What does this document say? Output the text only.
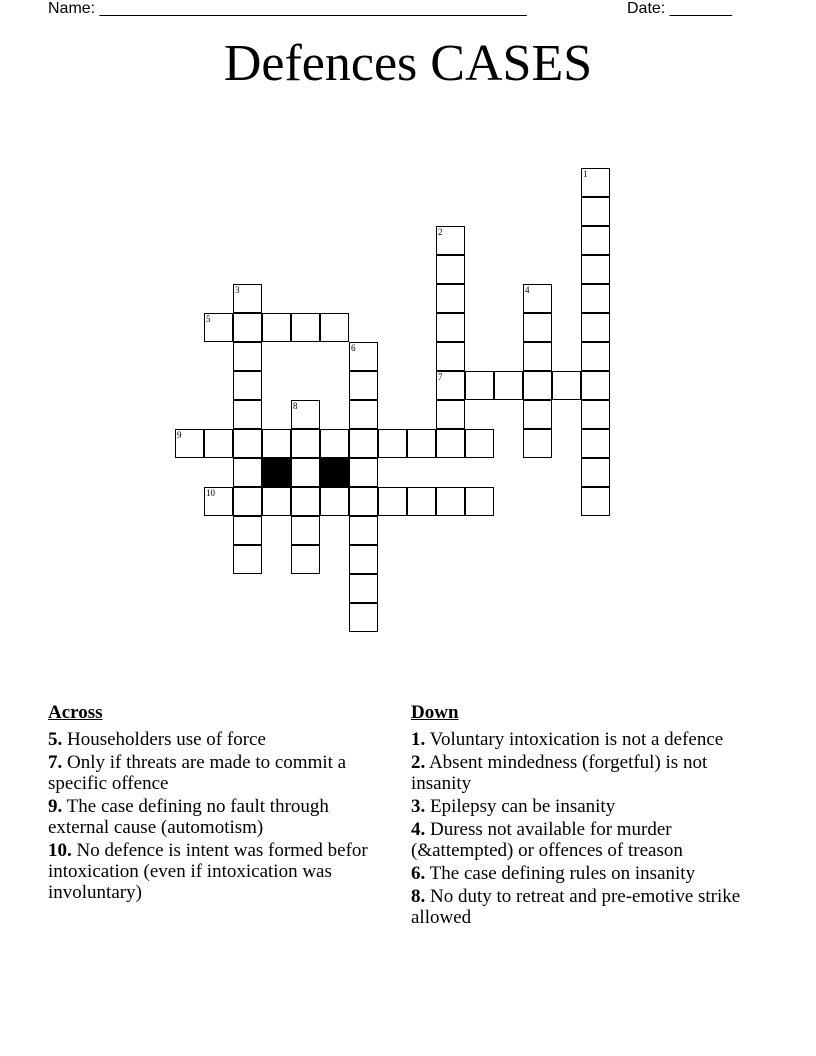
Name: ________________________________________________	Date: _______
Defences CASES
1
2
7
3	4
5
6
8
9
10
Across
5. Householders use of force
7. Only if threats are made to commit a specific offence
9. The case defining no fault through external cause (automotism)
10. No defence is intent was formed befor intoxication (even if intoxication was involuntary)
Down
1. Voluntary intoxication is not a defence
2. Absent mindedness (forgetful) is not insanity
3. Epilepsy can be insanity
4. Duress not available for murder (&attempted) or offences of treason
6. The case defining rules on insanity
8. No duty to retreat and pre-emotive strike allowed
